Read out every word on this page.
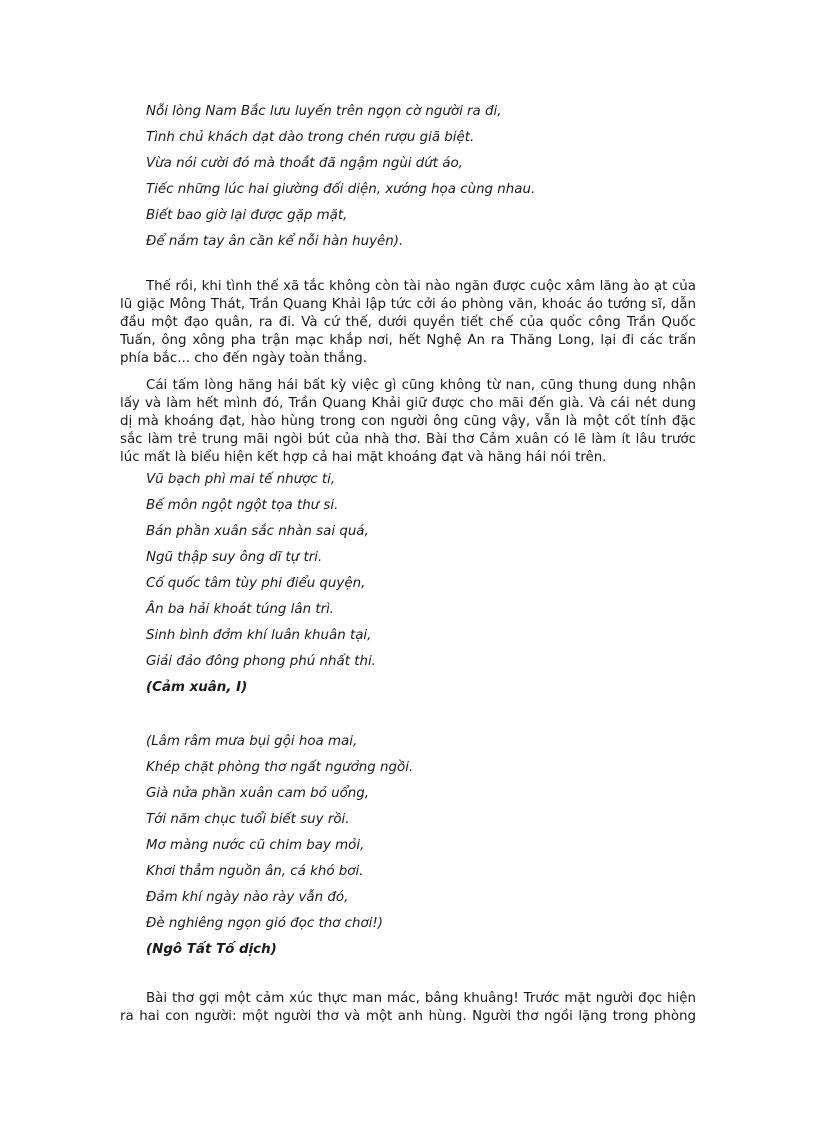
Nỗi lòng Nam Bắc lưu luyến trên ngọn cờ người ra đi,
Tình chủ khách dạt dào trong chén rượu giã biệt.
Vừa nói cười đó mà thoắt đã ngậm ngùi dứt áo,
Tiếc những lúc hai giường đối diện, xướng họa cùng nhau.
Biết bao giờ lại được gặp mặt,
Để nắm tay ân cần kể nỗi hàn huyên).
Thế rồi, khi tình thế xã tắc không còn tài nào ngăn được cuộc xâm lăng ào ạt của
lũ giặc Mông Thát, Trần Quang Khải lập tức cởi áo phòng văn, khoác áo tướng sĩ, dẫn
đầu một đạo quân, ra đi. Và cứ thế, dưới quyền tiết chế của quốc công Trần Quốc
Tuấn, ông xông pha trận mạc khắp nơi, hết Nghệ An ra Thăng Long, lại đi các trấn
phía bắc... cho đến ngày toàn thắng.
Cái tấm lòng hăng hái bất kỳ việc gì cũng không từ nan, cũng thung dung nhận
lấy và làm hết mình đó, Trần Quang Khải giữ được cho mãi đến già. Và cái nét dung
dị mà khoáng đạt, hào hùng trong con người ông cũng vậy, vẫn là một cốt tính đặc
sắc làm trẻ trung mãi ngòi bút của nhà thơ. Bài thơ Cảm xuân có lẽ làm ít lâu trước
lúc mất là biểu hiện kết hợp cả hai mặt khoáng đạt và hăng hái nói trên.
Vũ bạch phì mai tế nhược ti,
Bế môn ngột ngột tọa thư si.
Bán phần xuân sắc nhàn sai quá,
Ngũ thập suy ông dĩ tự tri.
Cố quốc tâm tùy phi điểu quyện,
Ân ba hải khoát túng lân trì.
Sinh bình đởm khí luân khuân tại,
Giải đảo đông phong phú nhất thi.
(Cảm xuân, I)
(Lâm râm mưa bụi gội hoa mai,
Khép chặt phòng thơ ngất ngưởng ngồi.
Già nửa phần xuân cam bỏ uổng,
Tới năm chục tuổi biết suy rồi.
Mơ màng nước cũ chim bay mỏi,
Khơi thẳm nguồn ân, cá khó bơi.
Đảm khí ngày nào rày vẫn đó,
Đè nghiêng ngọn gió đọc thơ chơi!)
(Ngô Tất Tố dịch)
Bài thơ gợi một cảm xúc thực man mác, bâng khuâng! Trước mặt người đọc hiện
ra hai con người: một người thơ và một anh hùng. Người thơ ngồi lặng trong phòng
